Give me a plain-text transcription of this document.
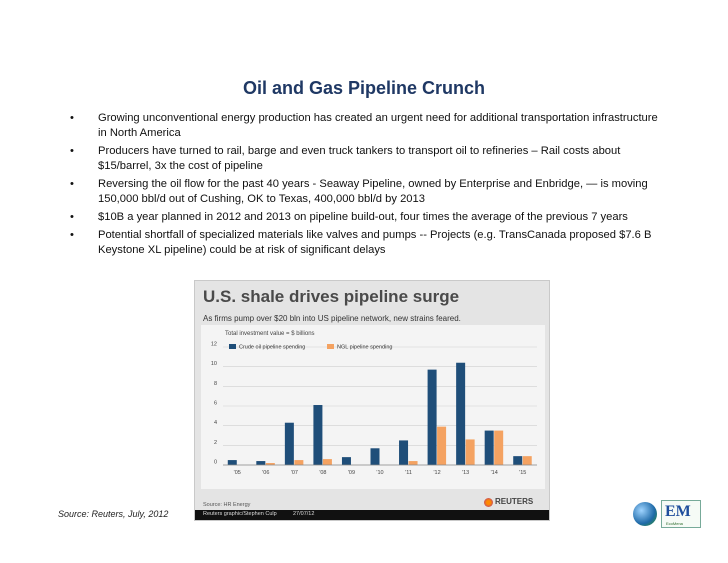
Oil and Gas Pipeline Crunch
• Growing unconventional energy production has created an urgent need for additional transportation infrastructure in North America
• Producers have turned to rail, barge and even truck tankers to transport oil to refineries – Rail costs about $15/barrel, 3x the cost of pipeline
• Reversing the oil flow for the past 40 years - Seaway Pipeline, owned by Enterprise and Enbridge, — is moving 150,000 bbl/d out of Cushing, OK to Texas, 400,000 bbl/d by 2013
• $10B a year planned in 2012 and 2013 on pipeline build-out, four times the average of the previous 7 years
• Potential shortfall of specialized materials like valves and pumps -- Projects (e.g. TransCanada proposed $7.6 B Keystone XL pipeline) could be at risk of significant delays
U.S. shale drives pipeline surge
As firms pump over $20 bln into US pipeline network, new strains feared.
Total investment value = $ billions
0
2
4
6
8
10
12	Crude oil pipeline spending	NGL pipeline spending
'05	'06	'07	'08	'09	'10	'11	'12	'13	'14	'15
Source: HR Energy	REUTERS
Reuters graphic/Stephen Culp	27/07/12
Source: Reuters, July, 2012	EM
EcoMena
